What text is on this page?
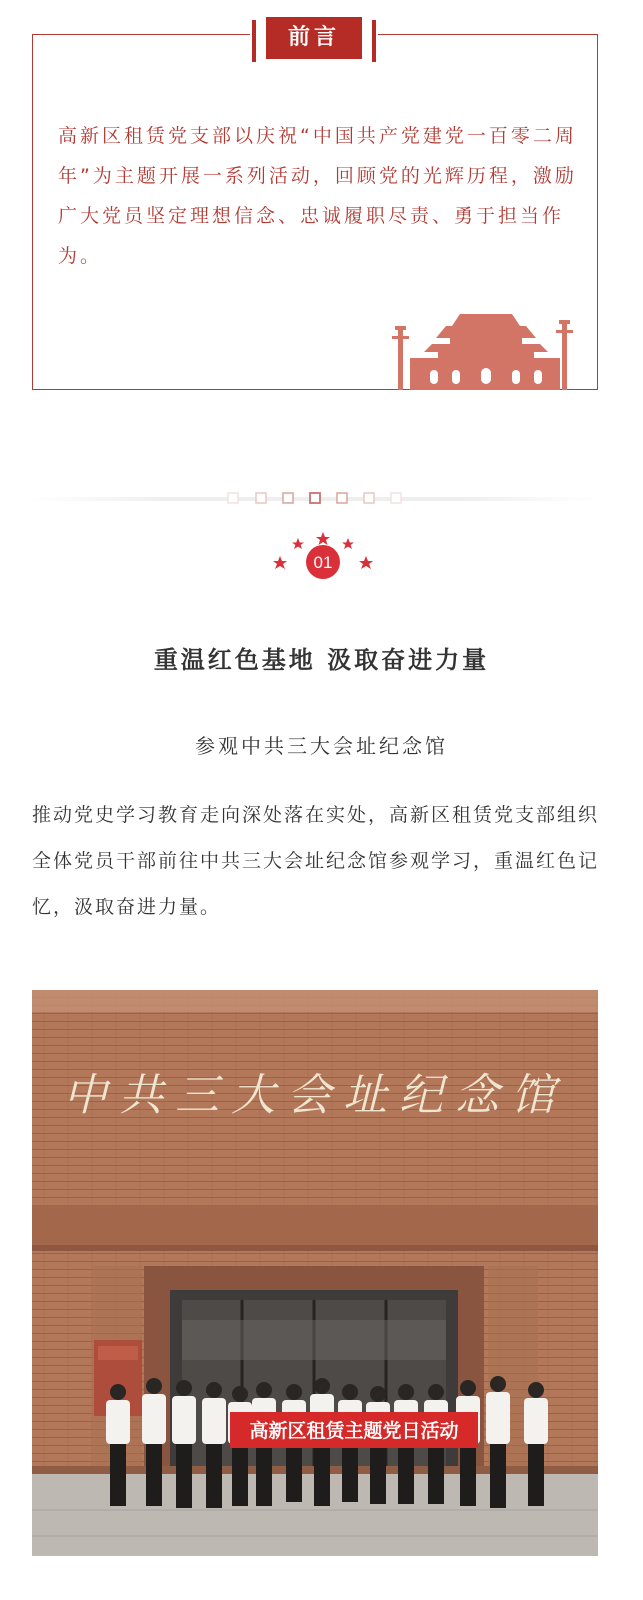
前言
高新区租赁党支部以庆祝“中国共产党建党一百零二周年”为主题开展一系列活动，回顾党的光辉历程，激励广大党员坚定理想信念、忠诚履职尽责、勇于担当作为。
01
重温红色基地 汲取奋进力量
参观中共三大会址纪念馆
推动党史学习教育走向深处落在实处，高新区租赁党支部组织全体党员干部前往中共三大会址纪念馆参观学习，重温红色记忆，汲取奋进力量。
中共三大会址纪念馆
高新区租赁主题党日活动
